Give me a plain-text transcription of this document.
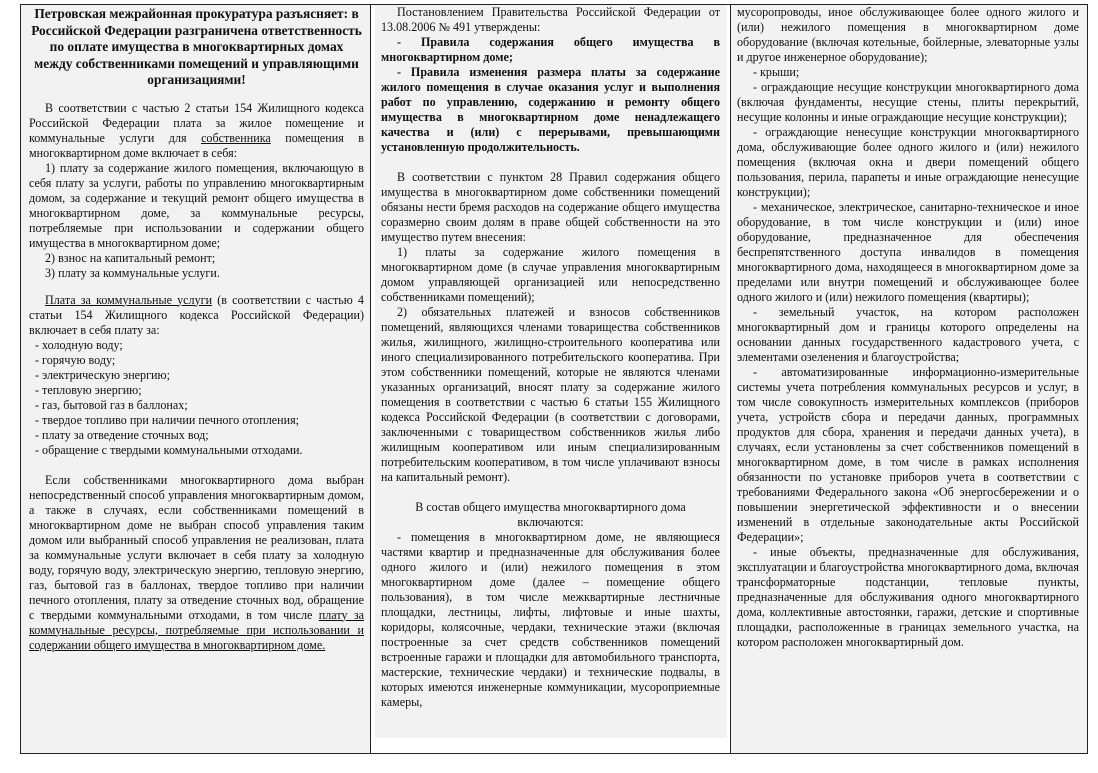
Петровская межрайонная прокуратура разъясняет: в Российской Федерации разграничена ответственность по оплате имущества в многоквартирных домах между собственниками помещений и управляющими организациями!

В соответствии с частью 2 статьи 154 Жилищного кодекса Российской Федерации плата за жилое помещение и коммунальные услуги для собственника помещения в многоквартирном доме включает в себя:

1) плату за содержание жилого помещения, включающую в себя плату за услуги, работы по управлению многоквартирным домом, за содержание и текущий ремонт общего имущества в многоквартирном доме, за коммунальные ресурсы, потребляемые при использовании и содержании общего имущества в многоквартирном доме;

2) взнос на капитальный ремонт;

3) плату за коммунальные услуги.

Плата за коммунальные услуги (в соответствии с частью 4 статьи 154 Жилищного кодекса Российской Федерации) включает в себя плату за:

- холодную воду;

- горячую воду;

- электрическую энергию;

- тепловую энергию;

- газ, бытовой газ в баллонах;

- твердое топливо при наличии печного отопления;

- плату за отведение сточных вод;

- обращение с твердыми коммунальными отходами.

Если собственниками многоквартирного дома выбран непосредственный способ управления многоквартирным домом, а также в случаях, если собственниками помещений в многоквартирном доме не выбран способ управления таким домом или выбранный способ управления не реализован, плата за коммунальные услуги включает в себя плату за холодную воду, горячую воду, электрическую энергию, тепловую энергию, газ, бытовой газ в баллонах, твердое топливо при наличии печного отопления, плату за отведение сточных вод, обращение с твердыми коммунальными отходами, в том числе плату за коммунальные ресурсы, потребляемые при использовании и содержании общего имущества в многоквартирном доме.

Постановлением Правительства Российской Федерации от 13.08.2006 № 491 утверждены:

- Правила содержания общего имущества в многоквартирном доме;

- Правила изменения размера платы за содержание жилого помещения в случае оказания услуг и выполнения работ по управлению, содержанию и ремонту общего имущества в многоквартирном доме ненадлежащего качества и (или) с перерывами, превышающими установленную продолжительность.

В соответствии с пунктом 28 Правил содержания общего имущества в многоквартирном доме собственники помещений обязаны нести бремя расходов на содержание общего имущества соразмерно своим долям в праве общей собственности на это имущество путем внесения:

1) платы за содержание жилого помещения в многоквартирном доме (в случае управления многоквартирным домом управляющей организацией или непосредственно собственниками помещений);

2) обязательных платежей и взносов собственников помещений, являющихся членами товарищества собственников жилья, жилищного, жилищно-строительного кооператива или иного специализированного потребительского кооператива. При этом собственники помещений, которые не являются членами указанных организаций, вносят плату за содержание жилого помещения в соответствии с частью 6 статьи 155 Жилищного кодекса Российской Федерации (в соответствии с договорами, заключенными с товариществом собственников жилья либо жилищным кооперативом или иным специализированным потребительским кооперативом, в том числе уплачивают взносы на капитальный ремонт).

В состав общего имущества многоквартирного дома включаются:

- помещения в многоквартирном доме, не являющиеся частями квартир и предназначенные для обслуживания более одного жилого и (или) нежилого помещения в этом многоквартирном доме (далее – помещение общего пользования), в том числе межквартирные лестничные площадки, лестницы, лифты, лифтовые и иные шахты, коридоры, колясочные, чердаки, технические этажи (включая построенные за счет средств собственников помещений встроенные гаражи и площадки для автомобильного транспорта, мастерские, технические чердаки) и технические подвалы, в которых имеются инженерные коммуникации, мусороприемные камеры,

мусоропроводы, иное обслуживающее более одного жилого и (или) нежилого помещения в многоквартирном доме оборудование (включая котельные, бойлерные, элеваторные узлы и другое инженерное оборудование);

- крыши;

- ограждающие несущие конструкции многоквартирного дома (включая фундаменты, несущие стены, плиты перекрытий, несущие колонны и иные ограждающие несущие конструкции);

- ограждающие ненесущие конструкции многоквартирного дома, обслуживающие более одного жилого и (или) нежилого помещения (включая окна и двери помещений общего пользования, перила, парапеты и иные ограждающие ненесущие конструкции);

- механическое, электрическое, санитарно-техническое и иное оборудование, в том числе конструкции и (или) иное оборудование, предназначенное для обеспечения беспрепятственного доступа инвалидов в помещения многоквартирного дома, находящееся в многоквартирном доме за пределами или внутри помещений и обслуживающее более одного жилого и (или) нежилого помещения (квартиры);

- земельный участок, на котором расположен многоквартирный дом и границы которого определены на основании данных государственного кадастрового учета, с элементами озеленения и благоустройства;

- автоматизированные информационно-измерительные системы учета потребления коммунальных ресурсов и услуг, в том числе совокупность измерительных комплексов (приборов учета, устройств сбора и передачи данных, программных продуктов для сбора, хранения и передачи данных учета), в случаях, если установлены за счет собственников помещений в многоквартирном доме, в том числе в рамках исполнения обязанности по установке приборов учета в соответствии с требованиями Федерального закона «Об энергосбережении и о повышении энергетической эффективности и о внесении изменений в отдельные законодательные акты Российской Федерации»;

- иные объекты, предназначенные для обслуживания, эксплуатации и благоустройства многоквартирного дома, включая трансформаторные подстанции, тепловые пункты, предназначенные для обслуживания одного многоквартирного дома, коллективные автостоянки, гаражи, детские и спортивные площадки, расположенные в границах земельного участка, на котором расположен многоквартирный дом.
